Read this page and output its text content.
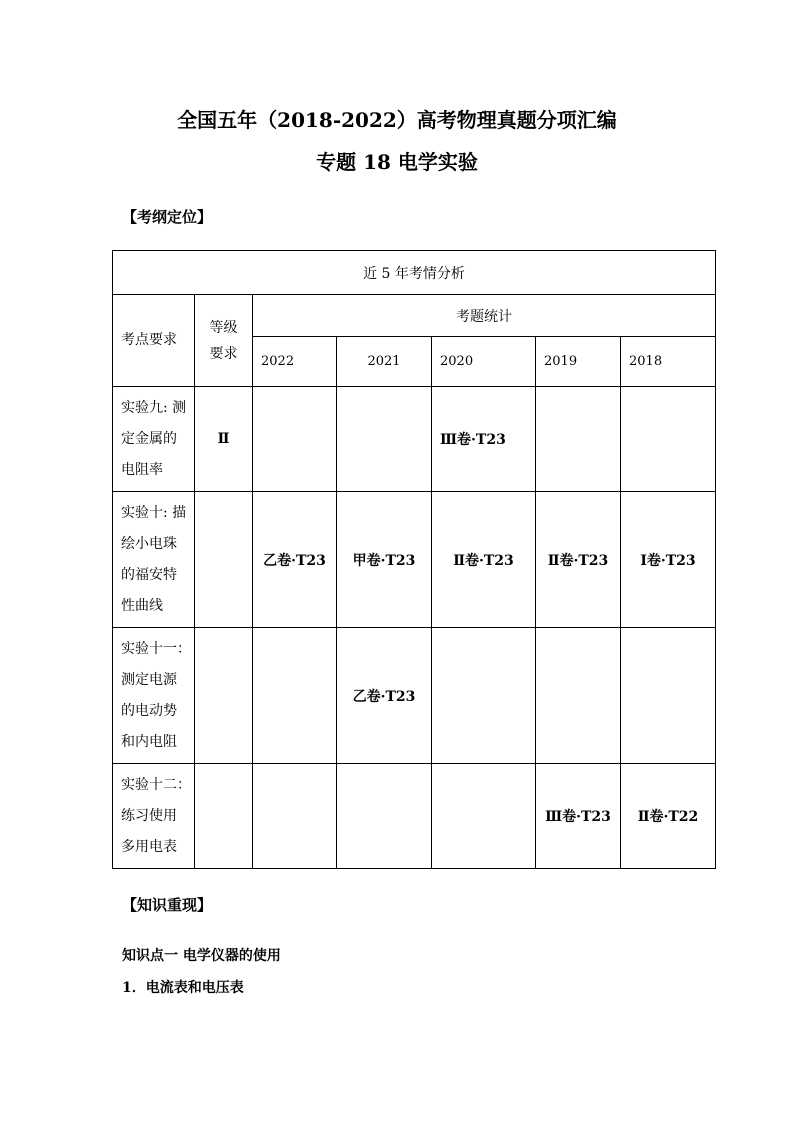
全国五年（2018-2022）高考物理真题分项汇编
专题 18 电学实验
【考纲定位】
近 5 年考情分析						
考点要求	等级
要求	考题统计				
		2022	2021	2020	2019	2018

实验九: 测
定金属的
电阻率	Ⅱ			Ⅲ卷·T23		

实验十: 描
绘小电珠
的福安特
性曲线		乙卷·T23	甲卷·T23	Ⅱ卷·T23	Ⅱ卷·T23	Ⅰ卷·T23

实验十一：
测定电源
的电动势
和内电阻			乙卷·T23			

实验十二：
练习使用
多用电表					Ⅲ卷·T23	Ⅱ卷·T22
【知识重现】
知识点一 电学仪器的使用
1．电流表和电压表
